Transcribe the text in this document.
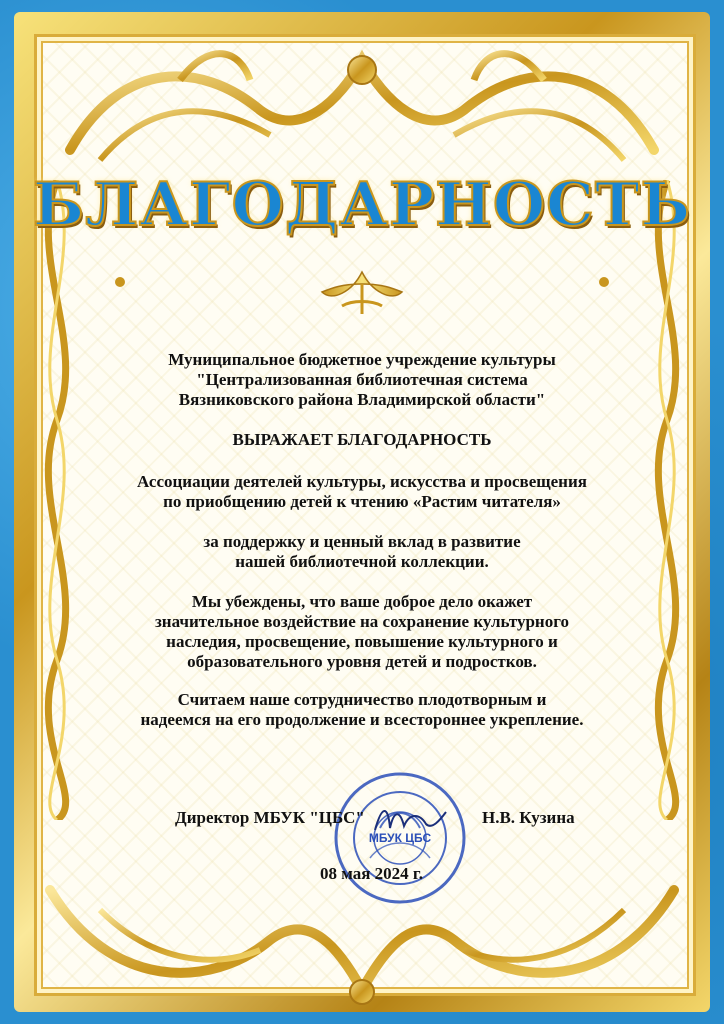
БЛАГОДАРНОСТЬ
Муниципальное бюджетное учреждение культуры
"Централизованная библиотечная система
Вязниковского района Владимирской области"
ВЫРАЖАЕТ БЛАГОДАРНОСТЬ
Ассоциации деятелей культуры, искусства и просвещения
по приобщению детей к чтению «Растим читателя»
за поддержку и ценный вклад в развитие
нашей библиотечной коллекции.
Мы убеждены, что ваше доброе дело окажет
значительное воздействие на сохранение культурного
наследия, просвещение, повышение культурного и
образовательного уровня детей и подростков.
Считаем наше сотрудничество плодотворным и
надеемся на его продолжение и всестороннее укрепление.
МБУК ЦБС
Директор МБУК "ЦБС"	Н.В. Кузина
08 мая 2024 г.
